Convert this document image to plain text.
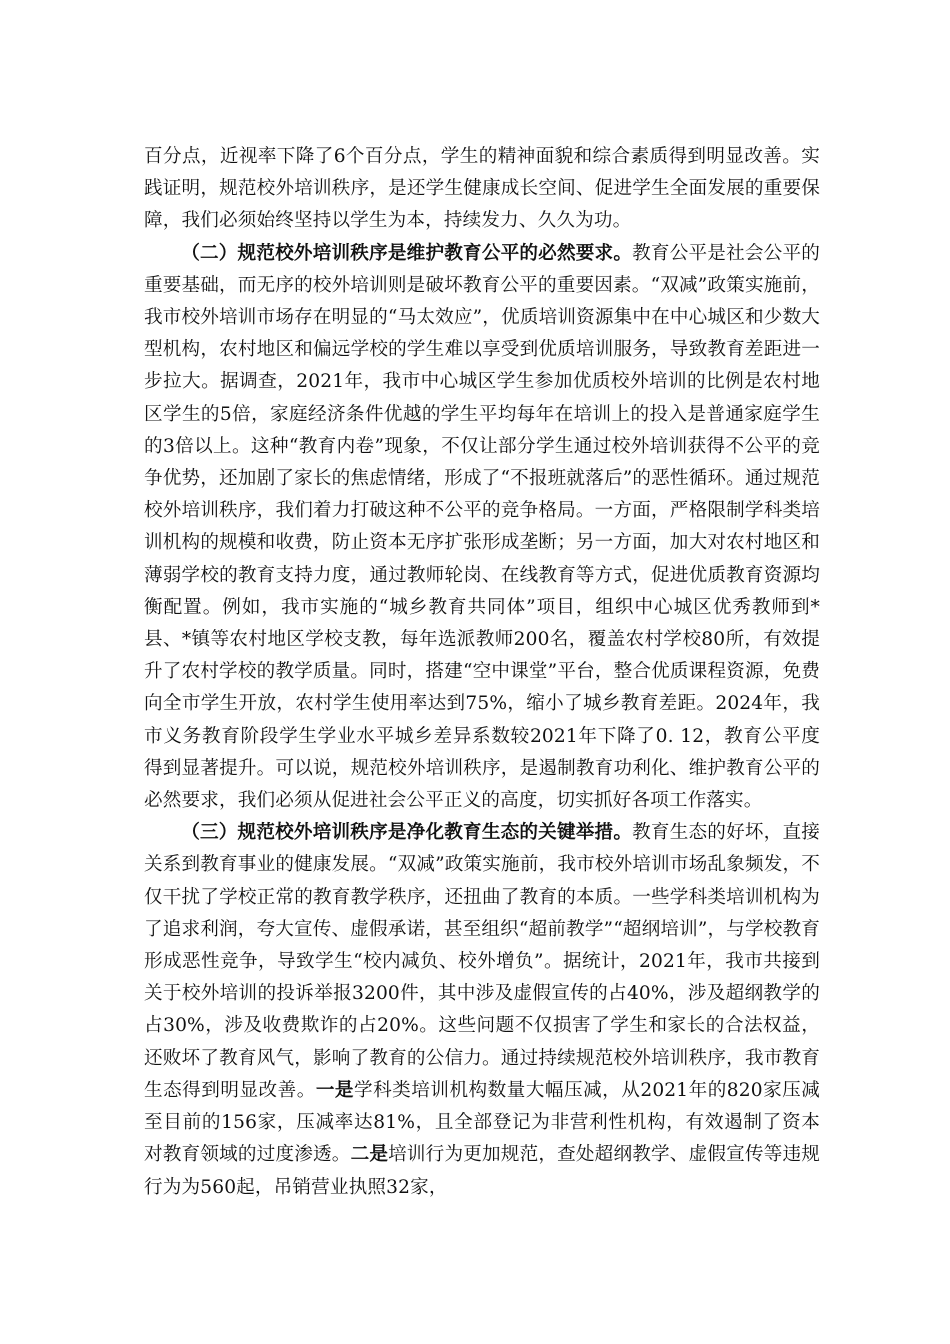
百分点，近视率下降了6个百分点，学生的精神面貌和综合素质得到明显改善。实践证明，规范校外培训秩序，是还学生健康成长空间、促进学生全面发展的重要保障，我们必须始终坚持以学生为本，持续发力、久久为功。

（二）规范校外培训秩序是维护教育公平的必然要求。教育公平是社会公平的重要基础，而无序的校外培训则是破坏教育公平的重要因素。“双减”政策实施前，我市校外培训市场存在明显的“马太效应”，优质培训资源集中在中心城区和少数大型机构，农村地区和偏远学校的学生难以享受到优质培训服务，导致教育差距进一步拉大。据调查，2021年，我市中心城区学生参加优质校外培训的比例是农村地区学生的5倍，家庭经济条件优越的学生平均每年在培训上的投入是普通家庭学生的3倍以上。这种“教育内卷”现象，不仅让部分学生通过校外培训获得不公平的竞争优势，还加剧了家长的焦虑情绪，形成了“不报班就落后”的恶性循环。通过规范校外培训秩序，我们着力打破这种不公平的竞争格局。一方面，严格限制学科类培训机构的规模和收费，防止资本无序扩张形成垄断；另一方面，加大对农村地区和薄弱学校的教育支持力度，通过教师轮岗、在线教育等方式，促进优质教育资源均衡配置。例如，我市实施的“城乡教育共同体”项目，组织中心城区优秀教师到*县、*镇等农村地区学校支教，每年选派教师200名，覆盖农村学校80所，有效提升了农村学校的教学质量。同时，搭建“空中课堂”平台，整合优质课程资源，免费向全市学生开放，农村学生使用率达到75%，缩小了城乡教育差距。2024年，我市义务教育阶段学生学业水平城乡差异系数较2021年下降了0. 12，教育公平度得到显著提升。可以说，规范校外培训秩序，是遏制教育功利化、维护教育公平的必然要求，我们必须从促进社会公平正义的高度，切实抓好各项工作落实。

（三）规范校外培训秩序是净化教育生态的关键举措。教育生态的好坏，直接关系到教育事业的健康发展。“双减”政策实施前，我市校外培训市场乱象频发，不仅干扰了学校正常的教育教学秩序，还扭曲了教育的本质。一些学科类培训机构为了追求利润，夸大宣传、虚假承诺，甚至组织“超前教学”“超纲培训”，与学校教育形成恶性竞争，导致学生“校内减负、校外增负”。据统计，2021年，我市共接到关于校外培训的投诉举报3200件，其中涉及虚假宣传的占40%，涉及超纲教学的占30%，涉及收费欺诈的占20%。这些问题不仅损害了学生和家长的合法权益，还败坏了教育风气，影响了教育的公信力。通过持续规范校外培训秩序，我市教育生态得到明显改善。一是学科类培训机构数量大幅压减，从2021年的820家压减至目前的156家，压减率达81%，且全部登记为非营利性机构，有效遏制了资本对教育领域的过度渗透。二是培训行为更加规范，查处超纲教学、虚假宣传等违规行为为560起，吊销营业执照32家，
